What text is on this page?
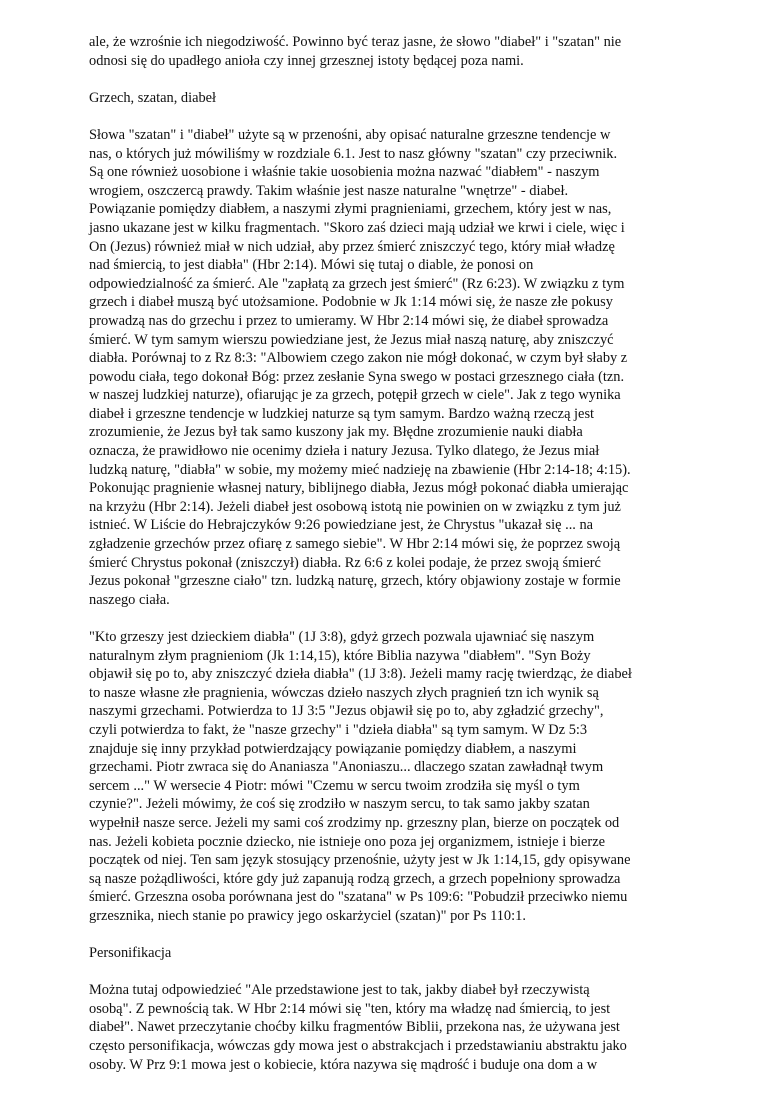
ale, że wzrośnie ich niegodziwość. Powinno być teraz jasne, że słowo "diabeł" i "szatan" nie
odnosi się do upadłego anioła czy innej grzesznej istoty będącej poza nami.

Grzech, szatan, diabeł

Słowa "szatan" i "diabeł" użyte są w przenośni, aby opisać naturalne grzeszne tendencje w
nas, o których już mówiliśmy w rozdziale 6.1. Jest to nasz główny "szatan" czy przeciwnik.
Są one również uosobione i właśnie takie uosobienia można nazwać "diabłem" - naszym
wrogiem, oszczercą prawdy. Takim właśnie jest nasze naturalne "wnętrze" - diabeł.
Powiązanie pomiędzy diabłem, a naszymi złymi pragnieniami, grzechem, który jest w nas,
jasno ukazane jest w kilku fragmentach. "Skoro zaś dzieci mają udział we krwi i ciele, więc i
On (Jezus) również miał w nich udział, aby przez śmierć zniszczyć tego, który miał władzę
nad śmiercią, to jest diabła" (Hbr 2:14). Mówi się tutaj o diable, że ponosi on
odpowiedzialność za śmierć. Ale "zapłatą za grzech jest śmierć" (Rz 6:23). W związku z tym
grzech i diabeł muszą być utożsamione. Podobnie w Jk 1:14 mówi się, że nasze złe pokusy
prowadzą nas do grzechu i przez to umieramy. W Hbr 2:14 mówi się, że diabeł sprowadza
śmierć. W tym samym wierszu powiedziane jest, że Jezus miał naszą naturę, aby zniszczyć
diabła. Porównaj to z Rz 8:3: "Albowiem czego zakon nie mógł dokonać, w czym był słaby z
powodu ciała, tego dokonał Bóg: przez zesłanie Syna swego w postaci grzesznego ciała (tzn.
w naszej ludzkiej naturze), ofiarując je za grzech, potępił grzech w ciele". Jak z tego wynika
diabeł i grzeszne tendencje w ludzkiej naturze są tym samym. Bardzo ważną rzeczą jest
zrozumienie, że Jezus był tak samo kuszony jak my. Błędne zrozumienie nauki diabła
oznacza, że prawidłowo nie ocenimy dzieła i natury Jezusa. Tylko dlatego, że Jezus miał
ludzką naturę, "diabła" w sobie, my możemy mieć nadzieję na zbawienie (Hbr 2:14-18; 4:15).
Pokonując pragnienie własnej natury, biblijnego diabła, Jezus mógł pokonać diabła umierając
na krzyżu (Hbr 2:14). Jeżeli diabeł jest osobową istotą nie powinien on w związku z tym już
istnieć. W Liście do Hebrajczyków 9:26 powiedziane jest, że Chrystus "ukazał się ... na
zgładzenie grzechów przez ofiarę z samego siebie". W Hbr 2:14 mówi się, że poprzez swoją
śmierć Chrystus pokonał (zniszczył) diabła. Rz 6:6 z kolei podaje, że przez swoją śmierć
Jezus pokonał "grzeszne ciało" tzn. ludzką naturę, grzech, który objawiony zostaje w formie
naszego ciała.

"Kto grzeszy jest dzieckiem diabła" (1J 3:8), gdyż grzech pozwala ujawniać się naszym
naturalnym złym pragnieniom (Jk 1:14,15), które Biblia nazywa "diabłem". "Syn Boży
objawił się po to, aby zniszczyć dzieła diabła" (1J 3:8). Jeżeli mamy rację twierdząc, że diabeł
to nasze własne złe pragnienia, wówczas dzieło naszych złych pragnień tzn ich wynik są
naszymi grzechami. Potwierdza to 1J 3:5 "Jezus objawił się po to, aby zgładzić grzechy",
czyli potwierdza to fakt, że "nasze grzechy" i "dzieła diabła" są tym samym. W Dz 5:3
znajduje się inny przykład potwierdzający powiązanie pomiędzy diabłem, a naszymi
grzechami. Piotr zwraca się do Ananiasza "Anoniaszu... dlaczego szatan zawładnął twym
sercem ..." W wersecie 4 Piotr: mówi "Czemu w sercu twoim zrodziła się myśl o tym
czynie?". Jeżeli mówimy, że coś się zrodziło w naszym sercu, to tak samo jakby szatan
wypełnił nasze serce. Jeżeli my sami coś zrodzimy np. grzeszny plan, bierze on początek od
nas. Jeżeli kobieta pocznie dziecko, nie istnieje ono poza jej organizmem, istnieje i bierze
początek od niej. Ten sam język stosujący przenośnie, użyty jest w Jk 1:14,15, gdy opisywane
są nasze pożądliwości, które gdy już zapanują rodzą grzech, a grzech popełniony sprowadza
śmierć. Grzeszna osoba porównana jest do "szatana" w Ps 109:6: "Pobudził przeciwko niemu
grzesznika, niech stanie po prawicy jego oskarżyciel (szatan)" por Ps 110:1.

Personifikacja

Można tutaj odpowiedzieć "Ale przedstawione jest to tak, jakby diabeł był rzeczywistą
osobą". Z pewnością tak. W Hbr 2:14 mówi się "ten, który ma władzę nad śmiercią, to jest
diabeł". Nawet przeczytanie choćby kilku fragmentów Biblii, przekona nas, że używana jest
często personifikacja, wówczas gdy mowa jest o abstrakcjach i przedstawianiu abstraktu jako
osoby. W Prz 9:1 mowa jest o kobiecie, która nazywa się mądrość i buduje ona dom a w
